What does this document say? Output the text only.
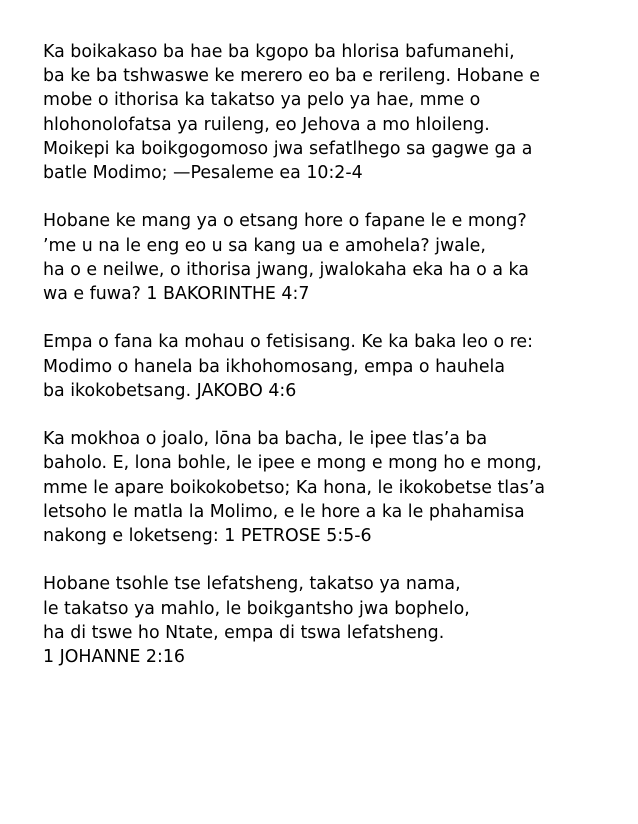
Ka boikakaso ba hae ba kgopo ba hlorisa bafumanehi,
ba ke ba tshwaswe ke merero eo ba e rerileng. Hobane e
mobe o ithorisa ka takatso ya pelo ya hae, mme o
hlohonolofatsa ya ruileng, eo Jehova a mo hloileng.
Moikepi ka boikgogomoso jwa sefatlhego sa gagwe ga a
batle Modimo; —Pesaleme ea 10:2-4

Hobane ke mang ya o etsang hore o fapane le e mong?
’me u na le eng eo u sa kang ua e amohela? jwale,
ha o e neilwe, o ithorisa jwang, jwalokaha eka ha o a ka
wa e fuwa? 1 BAKORINTHE 4:7

Empa o fana ka mohau o fetisisang. Ke ka baka leo o re:
Modimo o hanela ba ikhohomosang, empa o hauhela
ba ikokobetsang. JAKOBO 4:6

Ka mokhoa o joalo, lōna ba bacha, le ipee tlas’a ba
baholo. E, lona bohle, le ipee e mong e mong ho e mong,
mme le apare boikokobetso; Ka hona, le ikokobetse tlas’a
letsoho le matla la Molimo, e le hore a ka le phahamisa
nakong e loketseng: 1 PETROSE 5:5-6

Hobane tsohle tse lefatsheng, takatso ya nama,
le takatso ya mahlo, le boikgantsho jwa bophelo,
ha di tswe ho Ntate, empa di tswa lefatsheng.
1 JOHANNE 2:16
